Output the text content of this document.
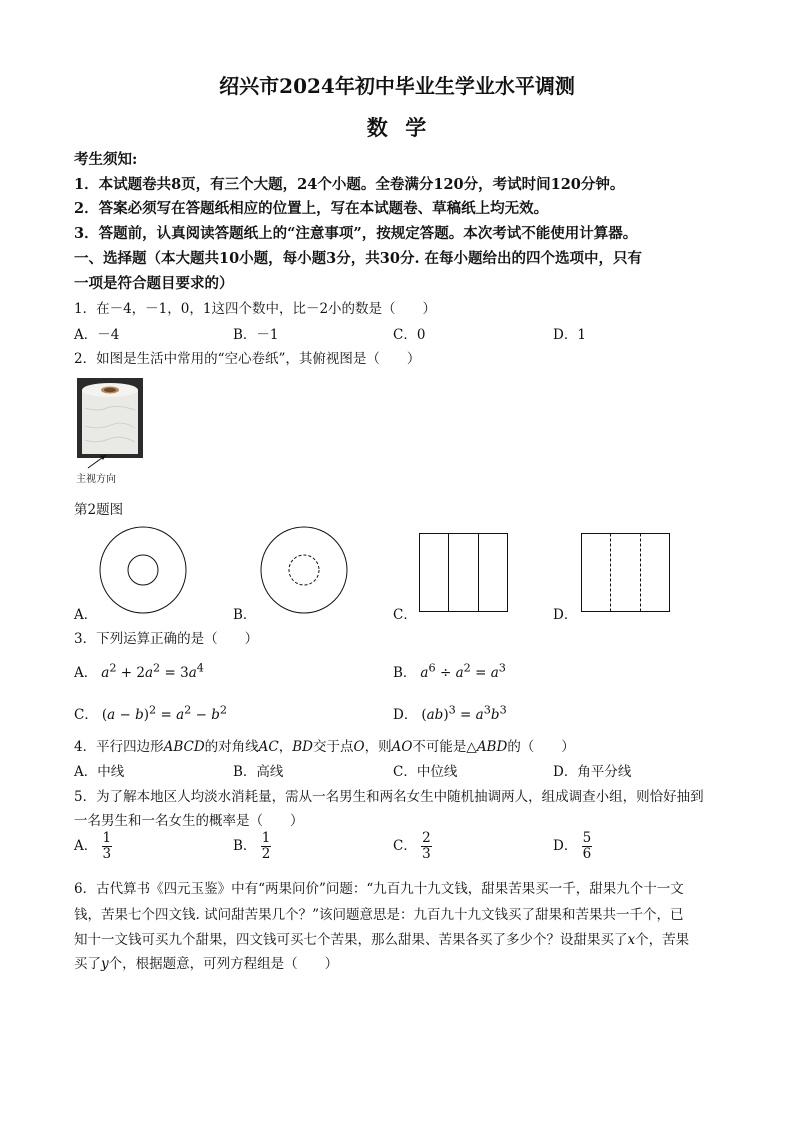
绍兴市2024年初中毕业生学业水平调测
数  学
考生须知:
1．本试题卷共8页，有三个大题，24个小题。全卷满分120分，考试时间120分钟。
2．答案必须写在答题纸相应的位置上，写在本试题卷、草稿纸上均无效。
3．答题前，认真阅读答题纸上的“注意事项”，按规定答题。本次考试不能使用计算器。
一、选择题（本大题共10小题，每小题3分，共30分. 在每小题给出的四个选项中，只有
一项是符合题目要求的）
1．在－4，－1，0，1这四个数中，比－2小的数是（　　）
A．－4	B．－1	C．0	D．1
2．如图是生活中常用的“空心卷纸”，其俯视图是（　　）
主视方向
第2题图
A．	B．	C．	D．
3．下列运算正确的是（　　）
A． $a^2 + 2a^2 = 3a^4$	B． $a^6 \div a^2 = a^3$
C． $(a - b)^2 = a^2 - b^2$	D． $(ab)^3 = a^3b^3$
4．平行四边形ABCD的对角线AC，BD交于点O，则AO不可能是△ABD的（　　）
A．中线	B．高线	C．中位线	D．角平分线
5．为了解本地区人均淡水消耗量，需从一名男生和两名女生中随机抽调两人，组成调查小组，则恰好抽到
一名男生和一名女生的概率是（　　）
A． $\frac{1}{3}$	B． $\frac{1}{2}$	C． $\frac{2}{3}$	D． $\frac{5}{6}$
6．古代算书《四元玉鉴》中有“两果问价”问题：“九百九十九文钱，甜果苦果买一千，甜果九个十一文
钱，苦果七个四文钱. 试问甜苦果几个？”该问题意思是：九百九十九文钱买了甜果和苦果共一千个，已
知十一文钱可买九个甜果，四文钱可买七个苦果，那么甜果、苦果各买了多少个？设甜果买了x个，苦果
买了y个，根据题意，可列方程组是（　　）
